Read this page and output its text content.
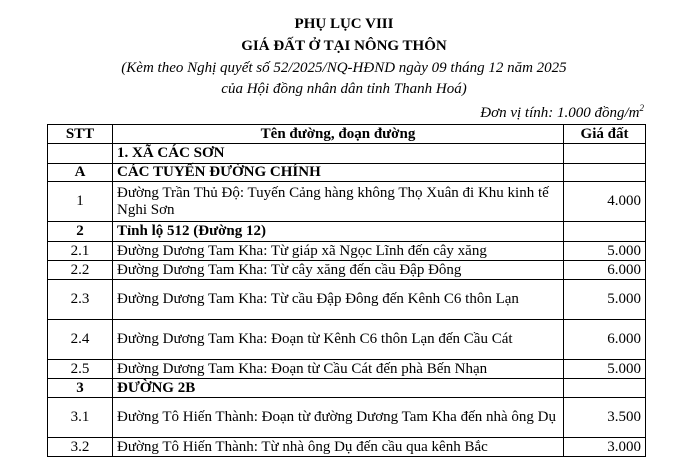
PHỤ LỤC VIII
GIÁ ĐẤT Ở TẠI NÔNG THÔN
(Kèm theo Nghị quyết số 52/2025/NQ-HĐND ngày 09 tháng 12 năm 2025
của Hội đồng nhân dân tỉnh Thanh Hoá)
Đơn vị tính: 1.000 đồng/$m^2$
STT	Tên đường, đoạn đường	Giá đất
	1. XÃ CÁC SƠN	
A	CÁC TUYẾN ĐƯỜNG CHÍNH	
1	Đường Trần Thủ Độ: Tuyến Cảng hàng không Thọ Xuân đi Khu kinh tế Nghi Sơn	4.000
2	Tỉnh lộ 512 (Đường 12)	
2.1	Đường Dương Tam Kha: Từ giáp xã Ngọc Lĩnh đến cây xăng	5.000
2.2	Đường Dương Tam Kha: Từ cây xăng đến cầu Đập Đông	6.000
2.3	Đường Dương Tam Kha: Từ cầu Đập Đông đến Kênh C6 thôn Lạn	5.000
2.4	Đường Dương Tam Kha: Đoạn từ Kênh C6 thôn Lạn đến Cầu Cát	6.000
2.5	Đường Dương Tam Kha: Đoạn từ Cầu Cát đến phà Bến Nhạn	5.000
3	ĐƯỜNG 2B	
3.1	Đường Tô Hiến Thành: Đoạn từ đường Dương Tam Kha đến nhà ông Dụ	3.500
3.2	Đường Tô Hiến Thành: Từ nhà ông Dụ đến cầu qua kênh Bắc	3.000
